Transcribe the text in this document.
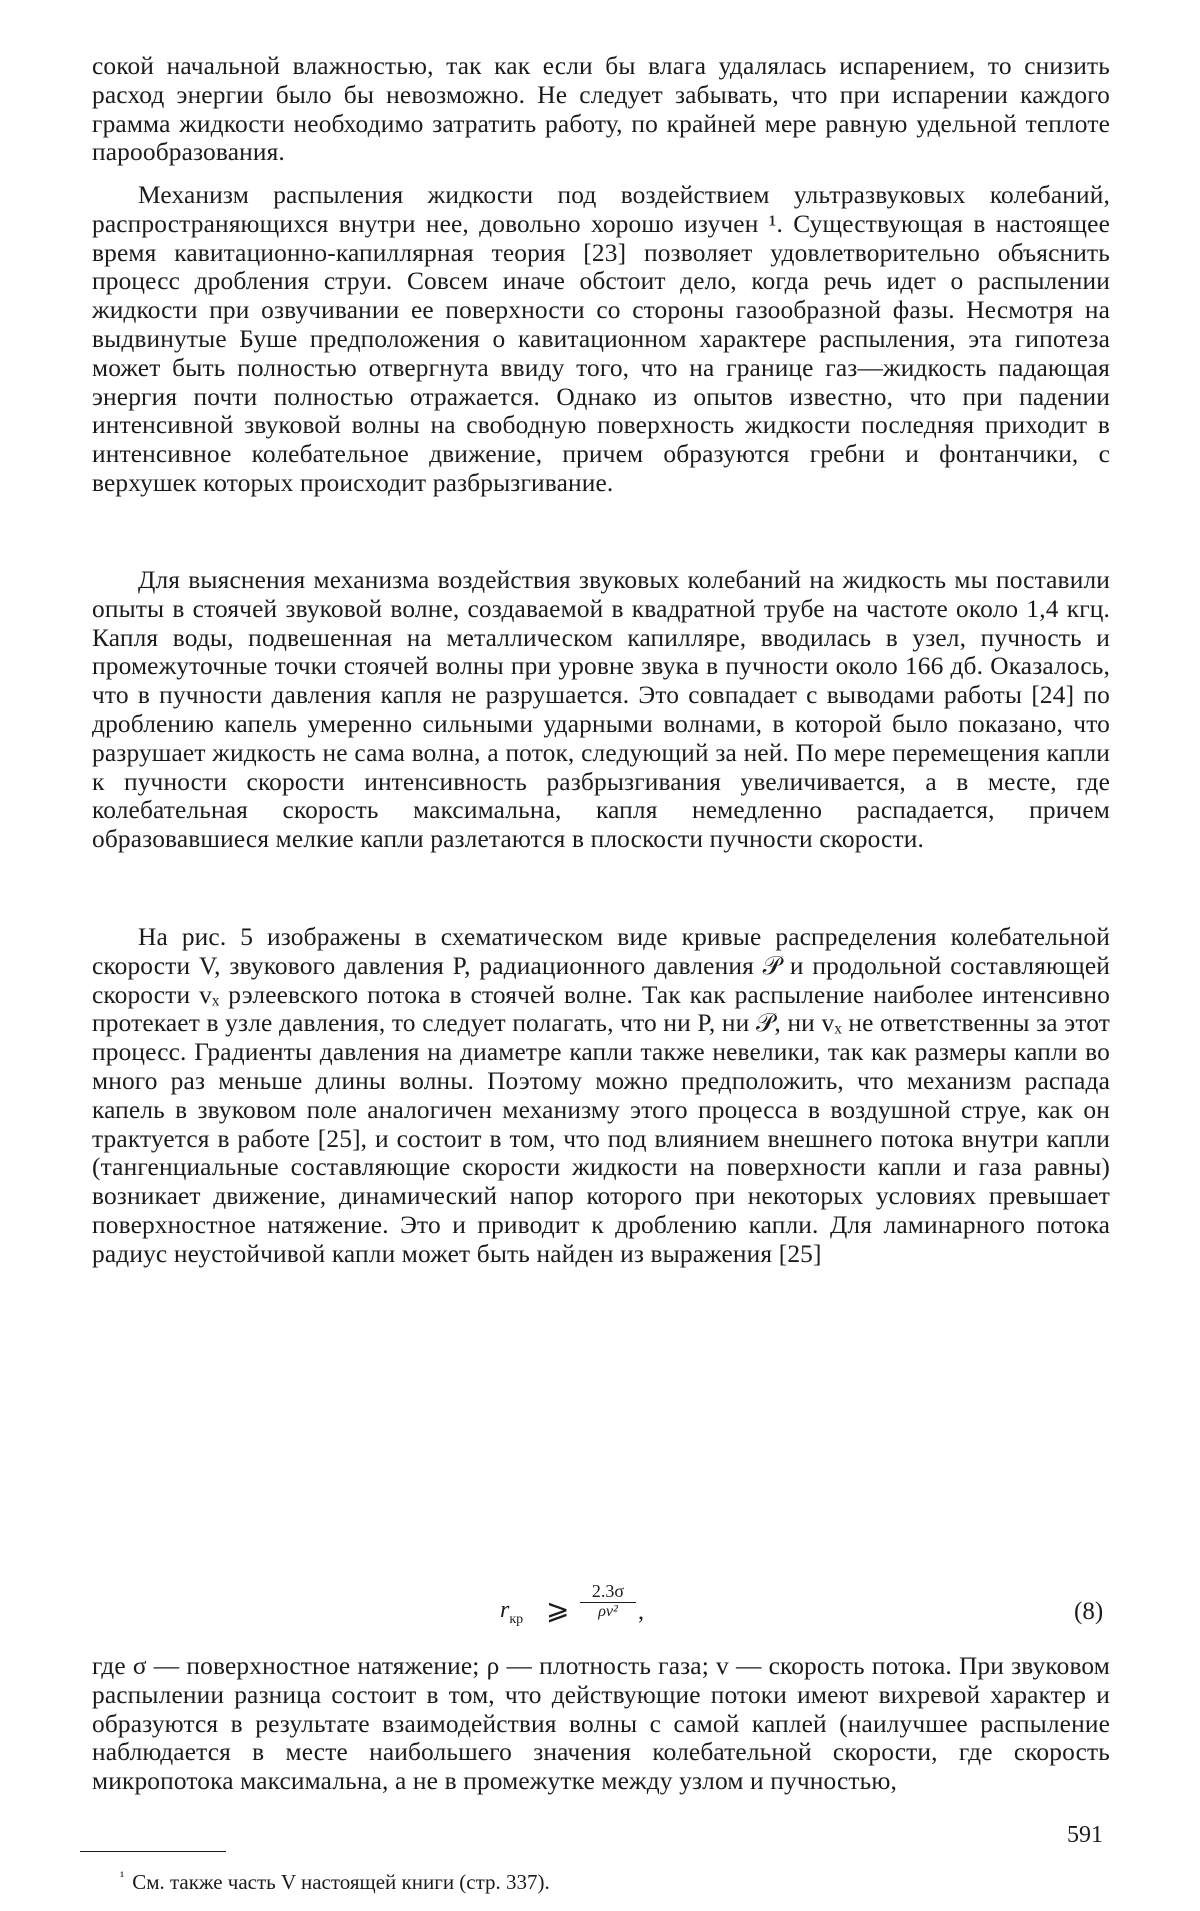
сокой начальной влажностью, так как если бы влага удалялась испарением, то снизить расход энергии было бы невозможно. Не следует забывать, что при испарении каждого грамма жидкости необходимо затратить работу, по крайней мере равную удельной теплоте парообразования.

Механизм распыления жидкости под воздействием ультразвуковых колебаний, распространяющихся внутри нее, довольно хорошо изучен ¹. Существующая в настоящее время кавитационно-капиллярная теория [23] позволяет удовлетворительно объяснить процесс дробления струи. Совсем иначе обстоит дело, когда речь идет о распылении жидкости при озвучивании ее поверхности со стороны газообразной фазы. Несмотря на выдвинутые Буше предположения о кавитационном характере распыления, эта гипотеза может быть полностью отвергнута ввиду того, что на границе газ—жидкость падающая энергия почти полностью отражается. Однако из опытов известно, что при падении интенсивной звуковой волны на свободную поверхность жидкости последняя приходит в интенсивное колебательное движение, причем образуются гребни и фонтанчики, с верхушек которых происходит разбрызгивание.

Для выяснения механизма воздействия звуковых колебаний на жидкость мы поставили опыты в стоячей звуковой волне, создаваемой в квадратной трубе на частоте около 1,4 кгц. Капля воды, подвешенная на металлическом капилляре, вводилась в узел, пучность и промежуточные точки стоячей волны при уровне звука в пучности около 166 дб. Оказалось, что в пучности давления капля не разрушается. Это совпадает с выводами работы [24] по дроблению капель умеренно сильными ударными волнами, в которой было показано, что разрушает жидкость не сама волна, а поток, следующий за ней. По мере перемещения капли к пучности скорости интенсивность разбрызгивания увеличивается, а в месте, где колебательная скорость максимальна, капля немедленно распадается, причем образовавшиеся мелкие капли разлетаются в плоскости пучности скорости.

На рис. 5 изображены в схематическом виде кривые распределения колебательной скорости V, звукового давления P, радиационного давления 𝒫 и продольной составляющей скорости vₓ рэлеевского потока в стоячей волне. Так как распыление наиболее интенсивно протекает в узле давления, то следует полагать, что ни P, ни 𝒫, ни vₓ не ответственны за этот процесс. Градиенты давления на диаметре капли также невелики, так как размеры капли во много раз меньше длины волны. Поэтому можно предположить, что механизм распада капель в звуковом поле аналогичен механизму этого процесса в воздушной струе, как он трактуется в работе [25], и состоит в том, что под влиянием внешнего потока внутри капли (тангенциальные составляющие скорости жидкости на поверхности капли и газа равны) возникает движение, динамический напор которого при некоторых условиях превышает поверхностное натяжение. Это и приводит к дроблению капли. Для ламинарного потока радиус неустойчивой капли может быть найден из выражения [25]

$r_{кр}$ ⩾ $\frac{2.3\sigma}{\text{ρv²}}$ ,	(8)

где σ — поверхностное натяжение; ρ — плотность газа; v — скорость потока. При звуковом распылении разница состоит в том, что действующие потоки имеют вихревой характер и образуются в результате взаимодействия волны с самой каплей (наилучшее распыление наблюдается в месте наибольшего значения колебательной скорости, где скорость микропотока максимальна, а не в промежутке между узлом и пучностью,

$^{^1}$ См. также часть V настоящей книги (стр. 337).
591
